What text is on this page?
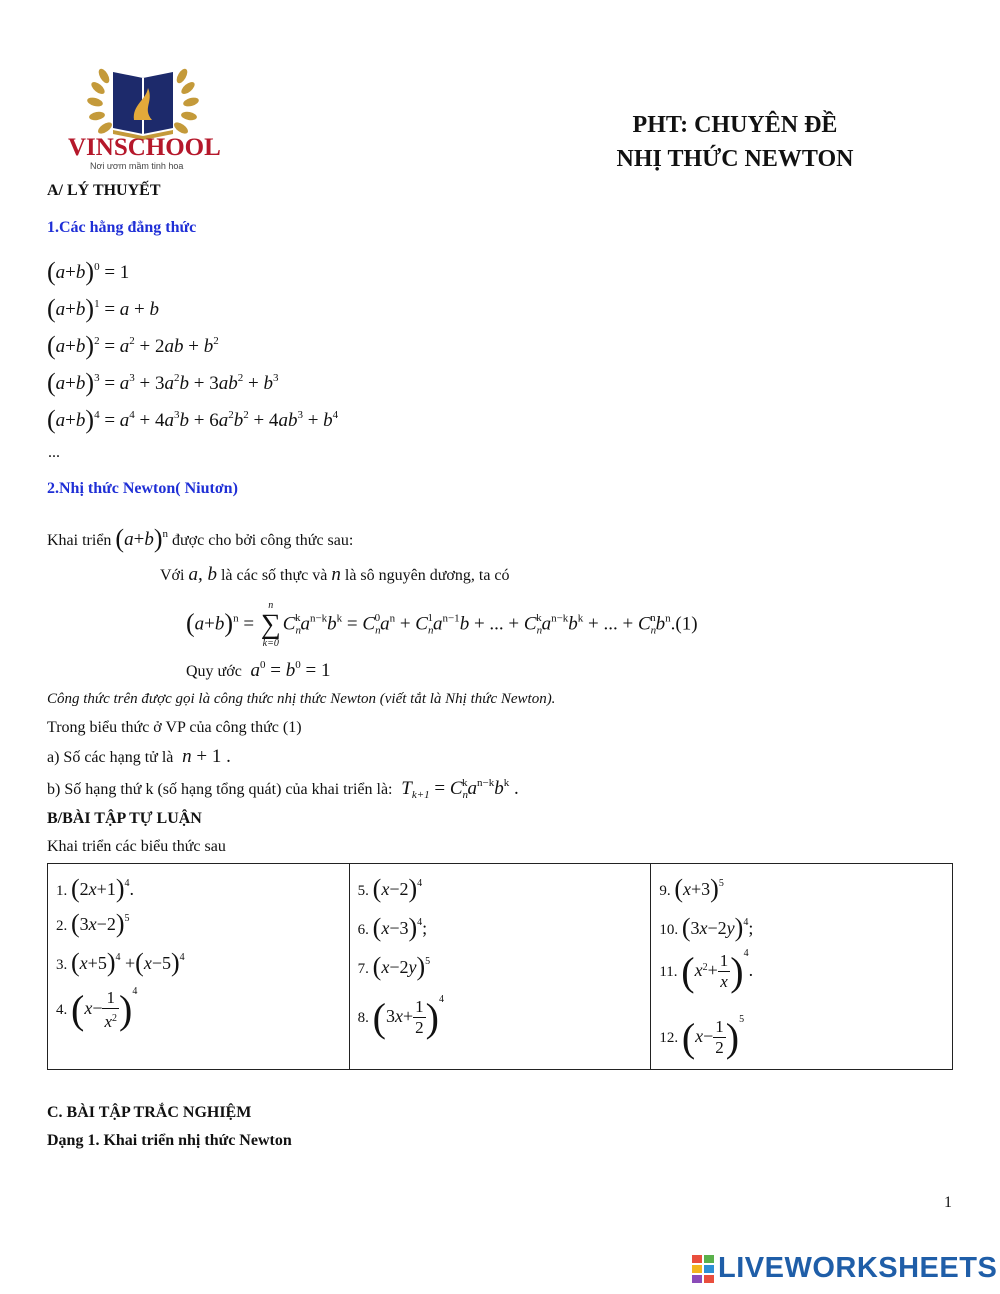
VINSCHOOL
Nơi ươm mầm tinh hoa
PHT: CHUYÊN ĐỀ
NHỊ THỨC NEWTON
A/ LÝ THUYẾT
1.Các hằng đẳng thức
$(a+b)^0 = 1$
$(a+b)^1 = a + b$
$(a+b)^2 = a^2 + 2ab + b^2$
$(a+b)^3 = a^3 + 3a^2b + 3ab^2 + b^3$
$(a+b)^4 = a^4 + 4a^3b + 6a^2b^2 + 4ab^3 + b^4$
...
2.Nhị thức Newton( Niutơn)
Khai triển $(a+b)^n$ được cho bởi công thức sau:
Với a, b là các số thực và n là sô nguyên dương, ta có
$(a+b)^n$ =
n
∑
k=0
$C_n^ka^{n-k}b^k = C_n^0a^n + C_n^1a^{n-1}b$ + ... + $C_n^ka^{n-k}b^k$ + ... + $C_n^nb^n.(1)$
Quy ước  $a^0 = b^0 = 1$
Công thức trên được gọi là công thức nhị thức Newton (viết tắt là Nhị thức Newton).
Trong biểu thức ở VP của công thức (1)
a) Số các hạng tử là  n + 1 .
b) Số hạng thứ k (số hạng tổng quát) của khai triển là:  $T_{k+1} = C_n^ka^{n-k}b^k$ .
B/BÀI TẬP TỰ LUẬN
Khai triển các biểu thức sau
1. $(2x+1)^4$.
2. $(3x-2)^5$
3. $(x+5)^4 +(x-5)^4$
4. $(x- \frac{1}{x^2} )^4$

5. $(x-2)^4$
6. $(x-3)^4$;
7. $(x-2y)^5$
8. $(3x+ \frac{1}{2} )^4$

9. $(x+3)^5$
10. $(3x-2y)^4$;
11. $(x^2+ \frac{1}{x} )^4$.
12. $(x- \frac{1}{2} )^5$
C. BÀI TẬP TRẮC NGHIỆM
Dạng 1. Khai triển nhị thức Newton
1
LIVEWORKSHEETS
